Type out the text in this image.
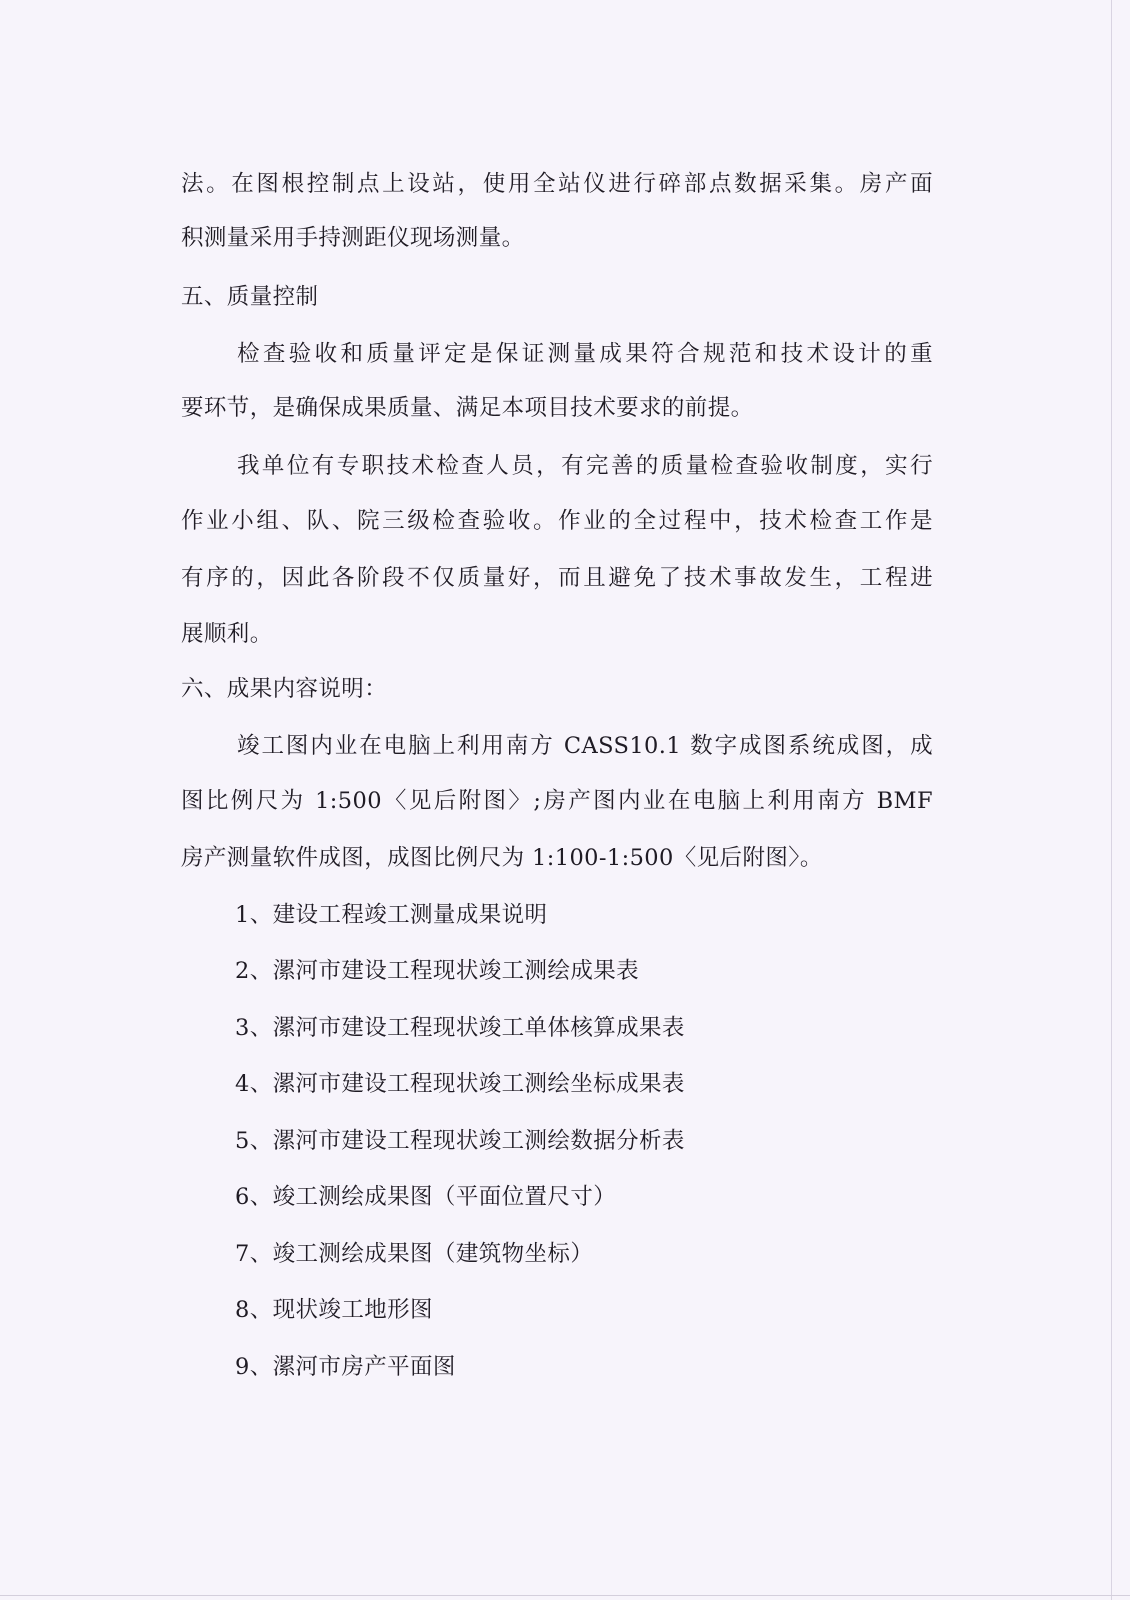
法。在图根控制点上设站，使用全站仪进行碎部点数据采集。房产面
积测量采用手持测距仪现场测量。
五、质量控制
检查验收和质量评定是保证测量成果符合规范和技术设计的重
要环节，是确保成果质量、满足本项目技术要求的前提。
我单位有专职技术检查人员，有完善的质量检查验收制度，实行
作业小组、队、院三级检查验收。作业的全过程中，技术检查工作是
有序的，因此各阶段不仅质量好，而且避免了技术事故发生，工程进
展顺利。
六、成果内容说明：
竣工图内业在电脑上利用南方 CASS10.1 数字成图系统成图，成
图比例尺为 1:500〈见后附图〉;房产图内业在电脑上利用南方 BMF
房产测量软件成图，成图比例尺为 1:100-1:500〈见后附图〉。
1、建设工程竣工测量成果说明
2、漯河市建设工程现状竣工测绘成果表
3、漯河市建设工程现状竣工单体核算成果表
4、漯河市建设工程现状竣工测绘坐标成果表
5、漯河市建设工程现状竣工测绘数据分析表
6、竣工测绘成果图（平面位置尺寸）
7、竣工测绘成果图（建筑物坐标）
8、现状竣工地形图
9、漯河市房产平面图
